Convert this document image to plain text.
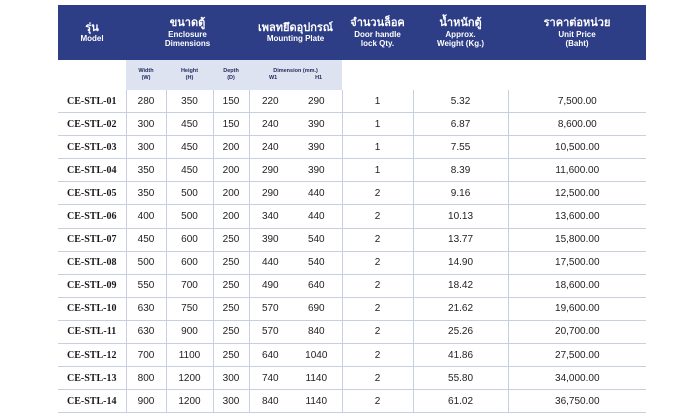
รุ่น
Model	ขนาดตู้
Enclosure
Dimensions			เพลทยึดอุปกรณ์
Mounting Plate		จำนวนล็อค
Door handle
lock Qty.	น้ำหนักตู้
Approx.
Weight (Kg.)	ราคาต่อหน่วย
Unit Price
(Baht)

	Width
(W)	Height
(H)	Depth
(D)	Dimension (mm.)
W1 H1				

CE-STL-01	280	350	150	220	290	1	5.32	7,500.00
CE-STL-02	300	450	150	240	390	1	6.87	8,600.00
CE-STL-03	300	450	200	240	390	1	7.55	10,500.00
CE-STL-04	350	450	200	290	390	1	8.39	11,600.00
CE-STL-05	350	500	200	290	440	2	9.16	12,500.00
CE-STL-06	400	500	200	340	440	2	10.13	13,600.00
CE-STL-07	450	600	250	390	540	2	13.77	15,800.00
CE-STL-08	500	600	250	440	540	2	14.90	17,500.00
CE-STL-09	550	700	250	490	640	2	18.42	18,600.00
CE-STL-10	630	750	250	570	690	2	21.62	19,600.00
CE-STL-11	630	900	250	570	840	2	25.26	20,700.00
CE-STL-12	700	1100	250	640	1040	2	41.86	27,500.00
CE-STL-13	800	1200	300	740	1140	2	55.80	34,000.00
CE-STL-14	900	1200	300	840	1140	2	61.02	36,750.00
